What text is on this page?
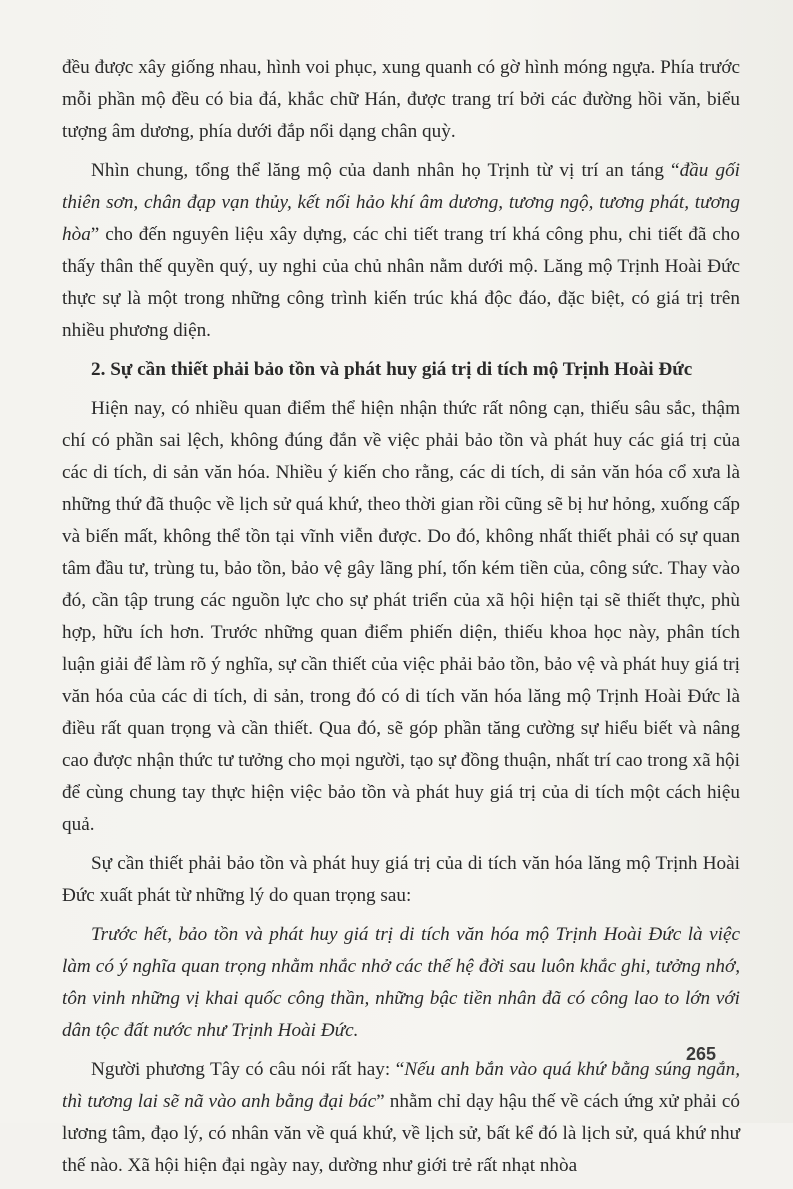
đều được xây giống nhau, hình voi phục, xung quanh có gờ hình móng ngựa. Phía trước mỗi phần mộ đều có bia đá, khắc chữ Hán, được trang trí bởi các đường hồi văn, biểu tượng âm dương, phía dưới đắp nổi dạng chân quỳ.

Nhìn chung, tổng thể lăng mộ của danh nhân họ Trịnh từ vị trí an táng “đầu gối thiên sơn, chân đạp vạn thủy, kết nối hảo khí âm dương, tương ngộ, tương phát, tương hòa” cho đến nguyên liệu xây dựng, các chi tiết trang trí khá công phu, chi tiết đã cho thấy thân thế quyền quý, uy nghi của chủ nhân nằm dưới mộ. Lăng mộ Trịnh Hoài Đức thực sự là một trong những công trình kiến trúc khá độc đáo, đặc biệt, có giá trị trên nhiều phương diện.

2. Sự cần thiết phải bảo tồn và phát huy giá trị di tích mộ Trịnh Hoài Đức

Hiện nay, có nhiều quan điểm thể hiện nhận thức rất nông cạn, thiếu sâu sắc, thậm chí có phần sai lệch, không đúng đắn về việc phải bảo tồn và phát huy các giá trị của các di tích, di sản văn hóa. Nhiều ý kiến cho rằng, các di tích, di sản văn hóa cổ xưa là những thứ đã thuộc về lịch sử quá khứ, theo thời gian rồi cũng sẽ bị hư hỏng, xuống cấp và biến mất, không thể tồn tại vĩnh viễn được. Do đó, không nhất thiết phải có sự quan tâm đầu tư, trùng tu, bảo tồn, bảo vệ gây lãng phí, tốn kém tiền của, công sức. Thay vào đó, cần tập trung các nguồn lực cho sự phát triển của xã hội hiện tại sẽ thiết thực, phù hợp, hữu ích hơn. Trước những quan điểm phiến diện, thiếu khoa học này, phân tích luận giải để làm rõ ý nghĩa, sự cần thiết của việc phải bảo tồn, bảo vệ và phát huy giá trị văn hóa của các di tích, di sản, trong đó có di tích văn hóa lăng mộ Trịnh Hoài Đức là điều rất quan trọng và cần thiết. Qua đó, sẽ góp phần tăng cường sự hiểu biết và nâng cao được nhận thức tư tưởng cho mọi người, tạo sự đồng thuận, nhất trí cao trong xã hội để cùng chung tay thực hiện việc bảo tồn và phát huy giá trị của di tích một cách hiệu quả.

Sự cần thiết phải bảo tồn và phát huy giá trị của di tích văn hóa lăng mộ Trịnh Hoài Đức xuất phát từ những lý do quan trọng sau:

Trước hết, bảo tồn và phát huy giá trị di tích văn hóa mộ Trịnh Hoài Đức là việc làm có ý nghĩa quan trọng nhằm nhắc nhở các thế hệ đời sau luôn khắc ghi, tưởng nhớ, tôn vinh những vị khai quốc công thần, những bậc tiền nhân đã có công lao to lớn với dân tộc đất nước như Trịnh Hoài Đức.

Người phương Tây có câu nói rất hay: “Nếu anh bắn vào quá khứ bằng súng ngắn, thì tương lai sẽ nã vào anh bằng đại bác” nhằm chỉ dạy hậu thế về cách ứng xử phải có lương tâm, đạo lý, có nhân văn về quá khứ, về lịch sử, bất kể đó là lịch sử, quá khứ như thế nào. Xã hội hiện đại ngày nay, dường như giới trẻ rất nhạt nhòa

265
